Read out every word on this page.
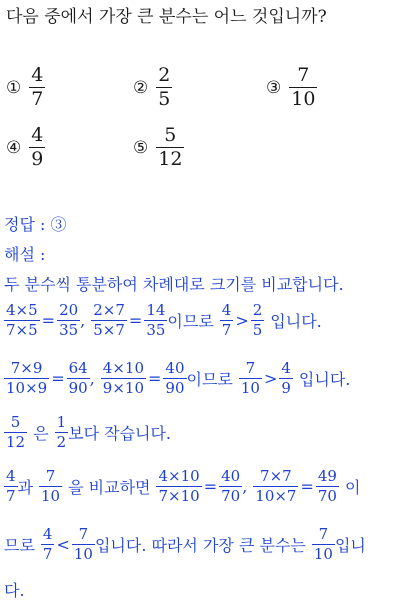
다음 중에서 가장 큰 분수는 어느 것입니까?
① $\frac{4}{7}$	② $\frac{2}{5}$	③ $\frac{7}{10}$
④ $\frac{4}{9}$	⑤ $\frac{5}{12}$
정답 : ③
해설 :
두 분수씩 통분하여 차례대로 크기를 비교합니다.
$\frac{4\times 5}{7\times 5} = \frac{20}{35}$ , $\frac{2\times 7}{5\times 7} = \frac{14}{35}$ 이므로 $\frac{4}{7} > \frac{2}{5}$ 입니다.
$\frac{7\times 9}{10\times 9} = \frac{64}{90}$ , $\frac{4\times 10}{9\times 10} = \frac{40}{90}$ 이므로 $\frac{7}{10} > \frac{4}{9}$ 입니다.
$\frac{5}{12}$ 은 $\frac{1}{2}$ 보다 작습니다.
$\frac{4}{7}$ 과 $\frac{7}{10}$ 을 비교하면 $\frac{4\times 10}{7\times 10} = \frac{40}{70}$ , $\frac{7\times 7}{10\times 7} = \frac{49}{70}$ 이
므로 $\frac{4}{7} < \frac{7}{10}$ 입니다. 따라서 가장 큰 분수는 $\frac{7}{10}$ 입니
다.
